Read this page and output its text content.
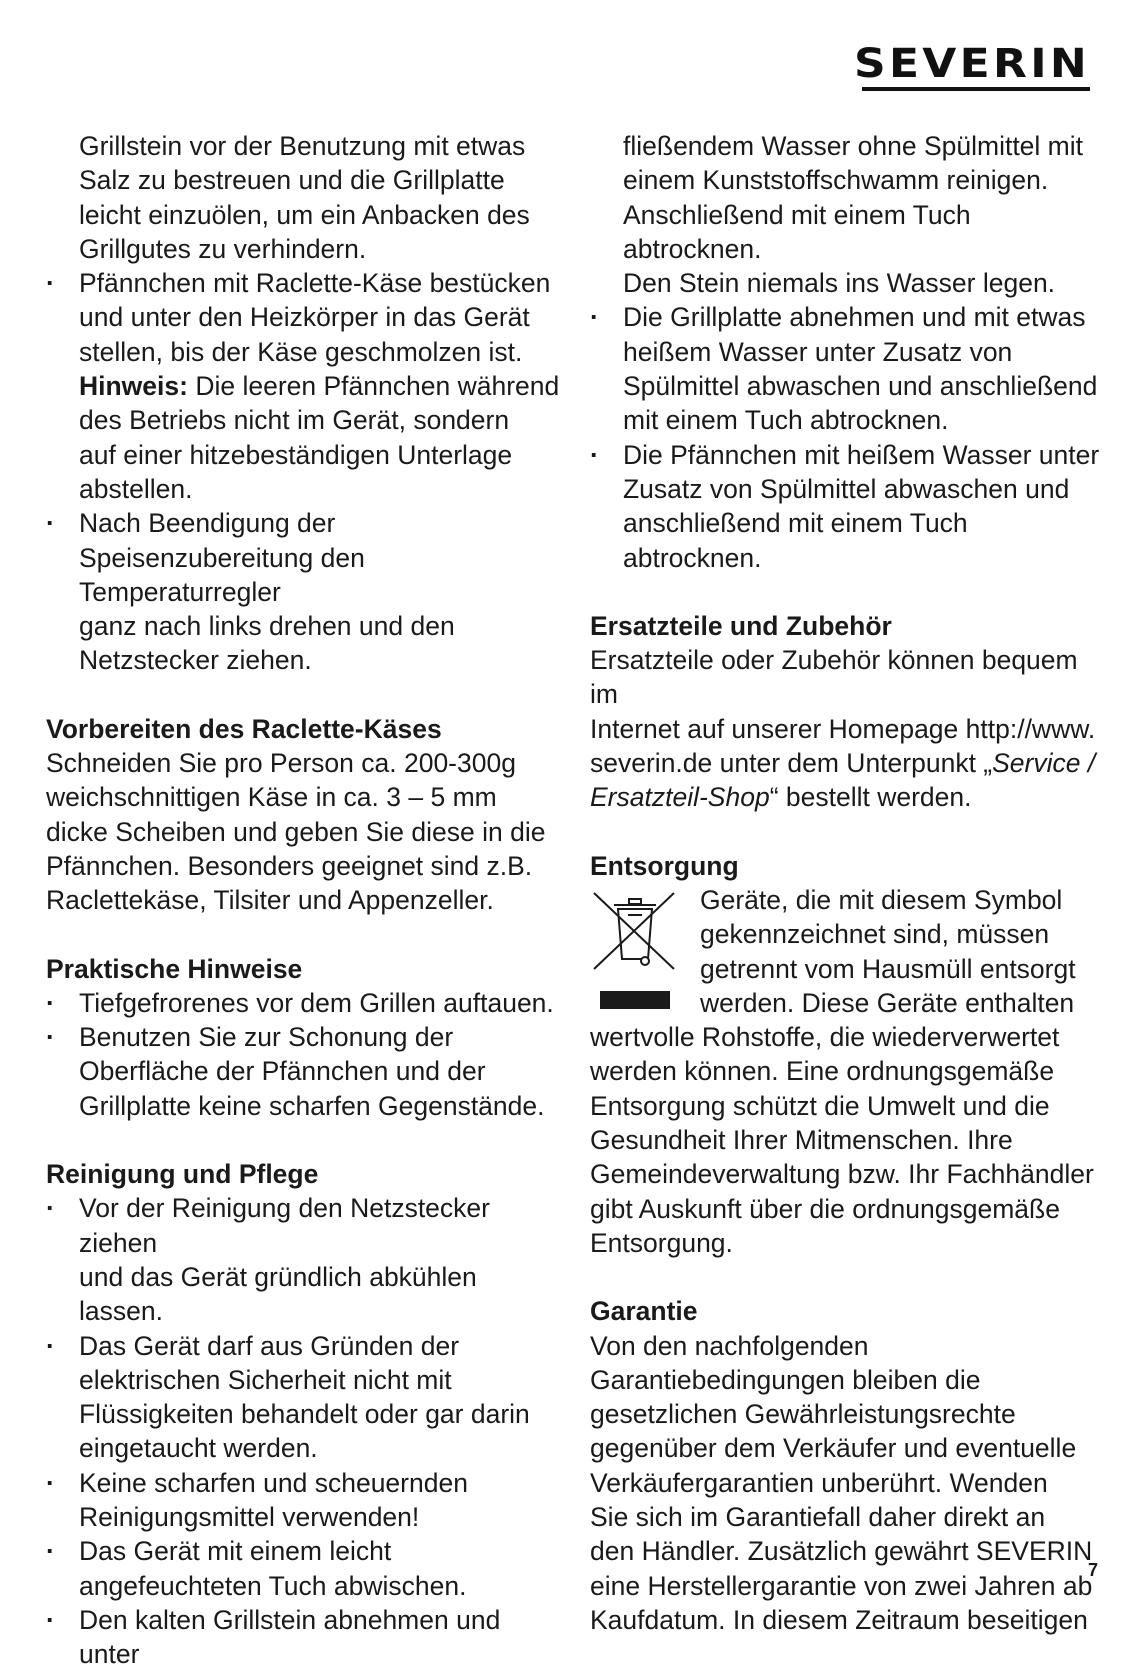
SEVERIN
Grillstein vor der Benutzung mit etwas
Salz zu bestreuen und die Grillplatte
leicht einzuölen, um ein Anbacken des
Grillgutes zu verhindern.
· Pfännchen mit Raclette-Käse bestücken
und unter den Heizkörper in das Gerät
stellen, bis der Käse geschmolzen ist.
Hinweis: Die leeren Pfännchen während
des Betriebs nicht im Gerät, sondern
auf einer hitzebeständigen Unterlage
abstellen.
· Nach Beendigung der
Speisenzubereitung den Temperaturregler
ganz nach links drehen und den
Netzstecker ziehen.
Vorbereiten des Raclette-Käses
Schneiden Sie pro Person ca. 200-300g
weichschnittigen Käse in ca. 3 – 5 mm
dicke Scheiben und geben Sie diese in die
Pfännchen. Besonders geeignet sind z.B.
Raclettekäse, Tilsiter und Appenzeller.
Praktische Hinweise
· Tiefgefrorenes vor dem Grillen auftauen.
· Benutzen Sie zur Schonung der
Oberfläche der Pfännchen und der
Grillplatte keine scharfen Gegenstände.
Reinigung und Pflege
· Vor der Reinigung den Netzstecker ziehen
und das Gerät gründlich abkühlen lassen.
· Das Gerät darf aus Gründen der
elektrischen Sicherheit nicht mit
Flüssigkeiten behandelt oder gar darin
eingetaucht werden.
· Keine scharfen und scheuernden
Reinigungsmittel verwenden!
· Das Gerät mit einem leicht
angefeuchteten Tuch abwischen.
· Den kalten Grillstein abnehmen und unter
fließendem Wasser ohne Spülmittel mit
einem Kunststoffschwamm reinigen.
Anschließend mit einem Tuch abtrocknen.
Den Stein niemals ins Wasser legen.
· Die Grillplatte abnehmen und mit etwas
heißem Wasser unter Zusatz von
Spülmittel abwaschen und anschließend
mit einem Tuch abtrocknen.
· Die Pfännchen mit heißem Wasser unter
Zusatz von Spülmittel abwaschen und
anschließend mit einem Tuch abtrocknen.
Ersatzteile und Zubehör
Ersatzteile oder Zubehör können bequem im
Internet auf unserer Homepage http://www.
severin.de unter dem Unterpunkt „Service /
Ersatzteil-Shop“ bestellt werden.
Entsorgung
Geräte, die mit diesem Symbol
gekennzeichnet sind, müssen
getrennt vom Hausmüll entsorgt
werden. Diese Geräte enthalten
wertvolle Rohstoffe, die wiederverwertet
werden können. Eine ordnungsgemäße
Entsorgung schützt die Umwelt und die
Gesundheit Ihrer Mitmenschen. Ihre
Gemeindeverwaltung bzw. Ihr Fachhändler
gibt Auskunft über die ordnungsgemäße
Entsorgung.
Garantie
Von den nachfolgenden
Garantiebedingungen bleiben die
gesetzlichen Gewährleistungsrechte
gegenüber dem Verkäufer und eventuelle
Verkäufergarantien unberührt. Wenden
Sie sich im Garantiefall daher direkt an
den Händler. Zusätzlich gewährt SEVERIN
eine Herstellergarantie von zwei Jahren ab
Kaufdatum. In diesem Zeitraum beseitigen
7
